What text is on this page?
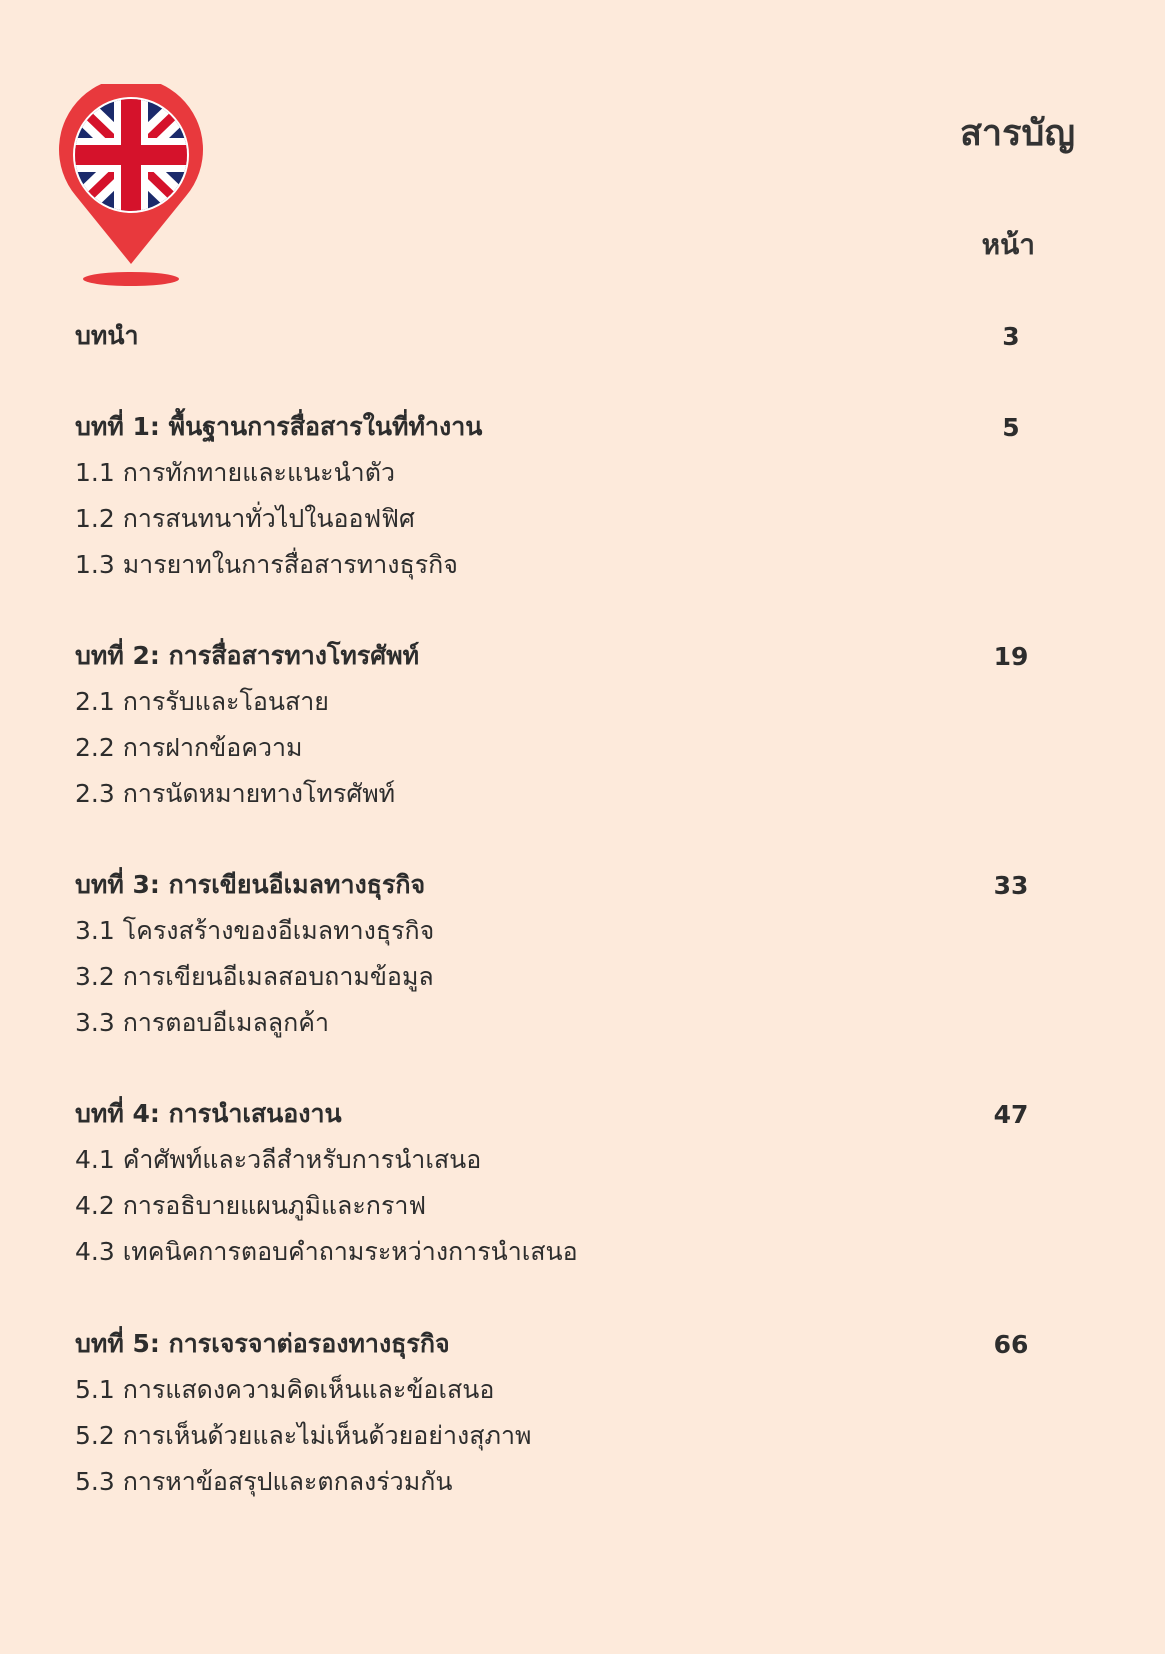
สารบัญ
หน้า
บทนำ	3
บทที่ 1: พื้นฐานการสื่อสารในที่ทำงาน	5
1.1 การทักทายและแนะนำตัว
1.2 การสนทนาทั่วไปในออฟฟิศ
1.3 มารยาทในการสื่อสารทางธุรกิจ
บทที่ 2: การสื่อสารทางโทรศัพท์	19
2.1 การรับและโอนสาย
2.2 การฝากข้อความ
2.3 การนัดหมายทางโทรศัพท์
บทที่ 3: การเขียนอีเมลทางธุรกิจ	33
3.1 โครงสร้างของอีเมลทางธุรกิจ
3.2 การเขียนอีเมลสอบถามข้อมูล
3.3 การตอบอีเมลลูกค้า
บทที่ 4: การนำเสนองาน	47
4.1 คำศัพท์และวลีสำหรับการนำเสนอ
4.2 การอธิบายแผนภูมิและกราฟ
4.3 เทคนิคการตอบคำถามระหว่างการนำเสนอ
บทที่ 5: การเจรจาต่อรองทางธุรกิจ	66
5.1 การแสดงความคิดเห็นและข้อเสนอ
5.2 การเห็นด้วยและไม่เห็นด้วยอย่างสุภาพ
5.3 การหาข้อสรุปและตกลงร่วมกัน
